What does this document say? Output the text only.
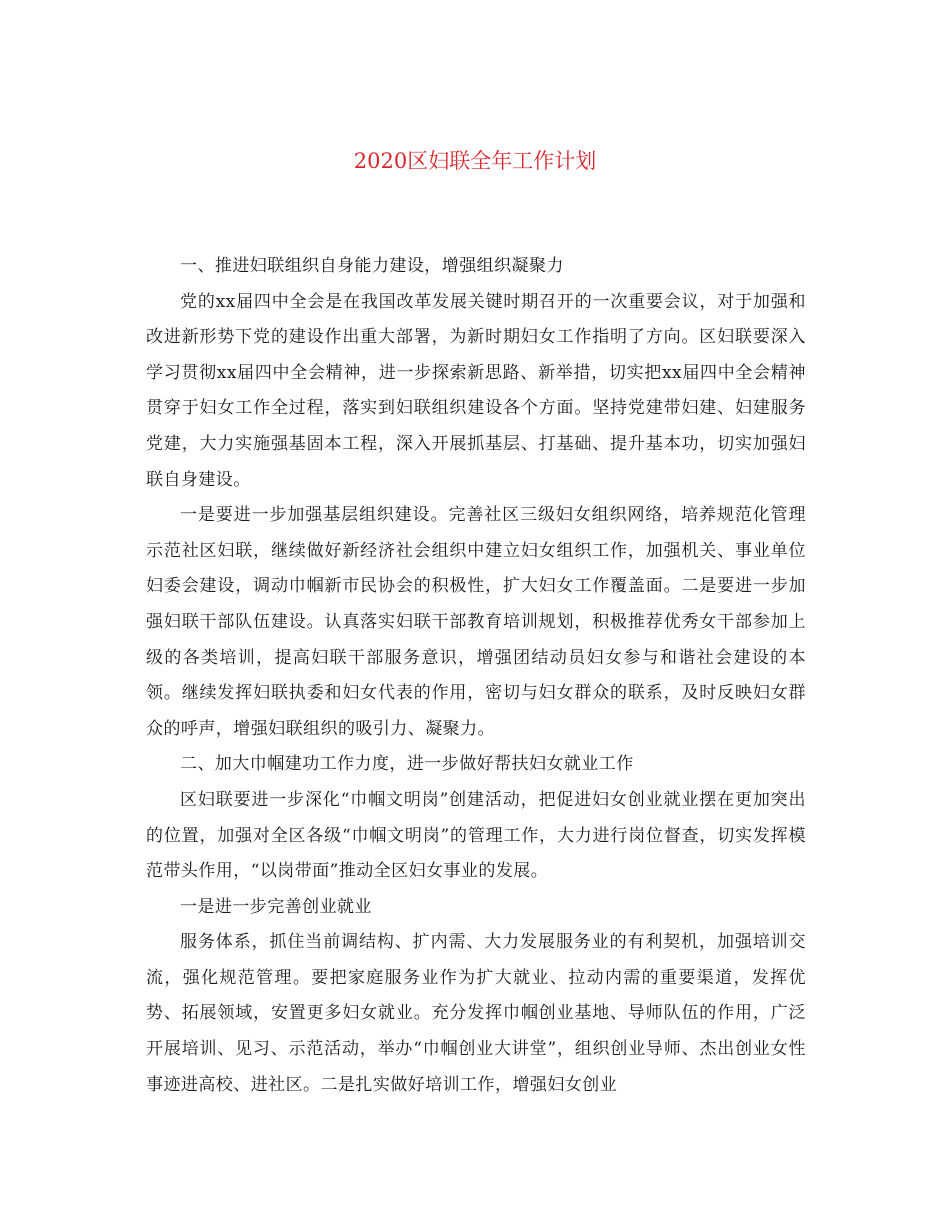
2020区妇联全年工作计划

一、推进妇联组织自身能力建设，增强组织凝聚力

党的xx届四中全会是在我国改革发展关键时期召开的一次重要会议，对于加强和改进新形势下党的建设作出重大部署，为新时期妇女工作指明了方向。区妇联要深入学习贯彻xx届四中全会精神，进一步探索新思路、新举措，切实把xx届四中全会精神贯穿于妇女工作全过程，落实到妇联组织建设各个方面。坚持党建带妇建、妇建服务党建，大力实施强基固本工程，深入开展抓基层、打基础、提升基本功，切实加强妇联自身建设。

一是要进一步加强基层组织建设。完善社区三级妇女组织网络，培养规范化管理示范社区妇联，继续做好新经济社会组织中建立妇女组织工作，加强机关、事业单位妇委会建设，调动巾帼新市民协会的积极性，扩大妇女工作覆盖面。二是要进一步加强妇联干部队伍建设。认真落实妇联干部教育培训规划，积极推荐优秀女干部参加上级的各类培训，提高妇联干部服务意识，增强团结动员妇女参与和谐社会建设的本领。继续发挥妇联执委和妇女代表的作用，密切与妇女群众的联系，及时反映妇女群众的呼声，增强妇联组织的吸引力、凝聚力。

二、加大巾帼建功工作力度，进一步做好帮扶妇女就业工作

区妇联要进一步深化“巾帼文明岗”创建活动，把促进妇女创业就业摆在更加突出的位置，加强对全区各级“巾帼文明岗”的管理工作，大力进行岗位督查，切实发挥模范带头作用，“以岗带面”推动全区妇女事业的发展。

一是进一步完善创业就业

服务体系，抓住当前调结构、扩内需、大力发展服务业的有利契机，加强培训交流，强化规范管理。要把家庭服务业作为扩大就业、拉动内需的重要渠道，发挥优势、拓展领域，安置更多妇女就业。充分发挥巾帼创业基地、导师队伍的作用，广泛开展培训、见习、示范活动，举办“巾帼创业大讲堂”，组织创业导师、杰出创业女性事迹进高校、进社区。二是扎实做好培训工作，增强妇女创业
